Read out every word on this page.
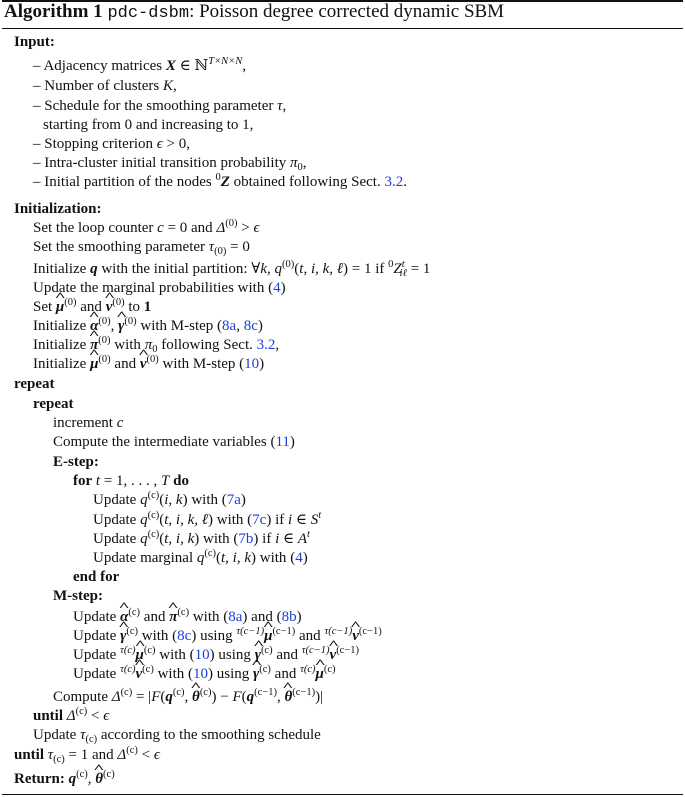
Algorithm 1 pdc-dsbm: Poisson degree corrected dynamic SBM
Input:
– Adjacency matrices X ∈ ℕ$^{T\times N\times N}$,
– Number of clusters K,
– Schedule for the smoothing parameter τ,
starting from 0 and increasing to 1,
– Stopping criterion ϵ > 0,
– Intra-cluster initial transition probability $\pi_0$,
– Initial partition of the nodes $^0$Z obtained following Sect. 3.2.
Initialization:
Set the loop counter c = 0 and $\Delta^{(0)} > \epsilon$
Set the smoothing parameter $\tau_{(0)} = 0$
Initialize q with the initial partition: ∀k, $q^{(0)}(t$, i, k, ℓ) = 1 if $^0Z^t_{i\ell} = 1$
Update the marginal probabilities with (4)
Set ^ $\mu^{(0)}$ and ^ $\nu^{(0)}$ to 1
Initialize ^ $\alpha^{(0)}$, ^ $\gamma^{(0)}$ with M-step (8a, 8c)
Initialize ^ $\pi^{(0)}$ with $\pi_0$ following Sect. 3.2,
Initialize ^ $\mu^{(0)}$ and ^ $\nu^{(0)}$ with M-step (10)
repeat
repeat
increment c
Compute the intermediate variables (11)
E-step:
for t = 1, . . . , T do
Update $q^{(c)}(i$, k) with (7a)
Update $q^{(c)}(t$, i, k, ℓ) with (7c) if i ∈ $S^t$
Update $q^{(c)}(t$, i, k) with (7b) if i ∈ $A^t$
Update marginal $q^{(c)}(t$, i, k) with (4)
end for
M-step:
Update ^ $\alpha^{(c)}$ and ^ $\pi^{(c)}$ with (8a) and (8b)
Update ^ $\gamma^{(c)}$ with (8c) using $^{\tau(c-1)}$^ $\mu^{(c-1)}$ and $^{\tau(c-1)}$^ $\nu^{(c-1)}$
Update $^{\tau(c)}$^ $\mu^{(c)}$ with (10) using ^ $\gamma^{(c)}$ and $^{\tau(c-1)}$^ $\nu^{(c-1)}$
Update $^{\tau(c)}$^ $\nu^{(c)}$ with (10) using ^ $\gamma^{(c)}$ and $^{\tau(c)}$^ $\mu^{(c)}$
Compute $\Delta^{(c)} = |F(q^{(c)}$, ^ $\theta^{(c)}) - F(q^{(c-1)}$, ^ $\theta^{(c-1)})|$
until $\Delta^{(c)} < \epsilon$
Update $\tau_{(c)}$ according to the smoothing schedule
until $\tau_{(c)} = 1$ and $\Delta^{(c)} < \epsilon$
Return: $q^{(c)}$, ^ $\theta^{(c)}$
